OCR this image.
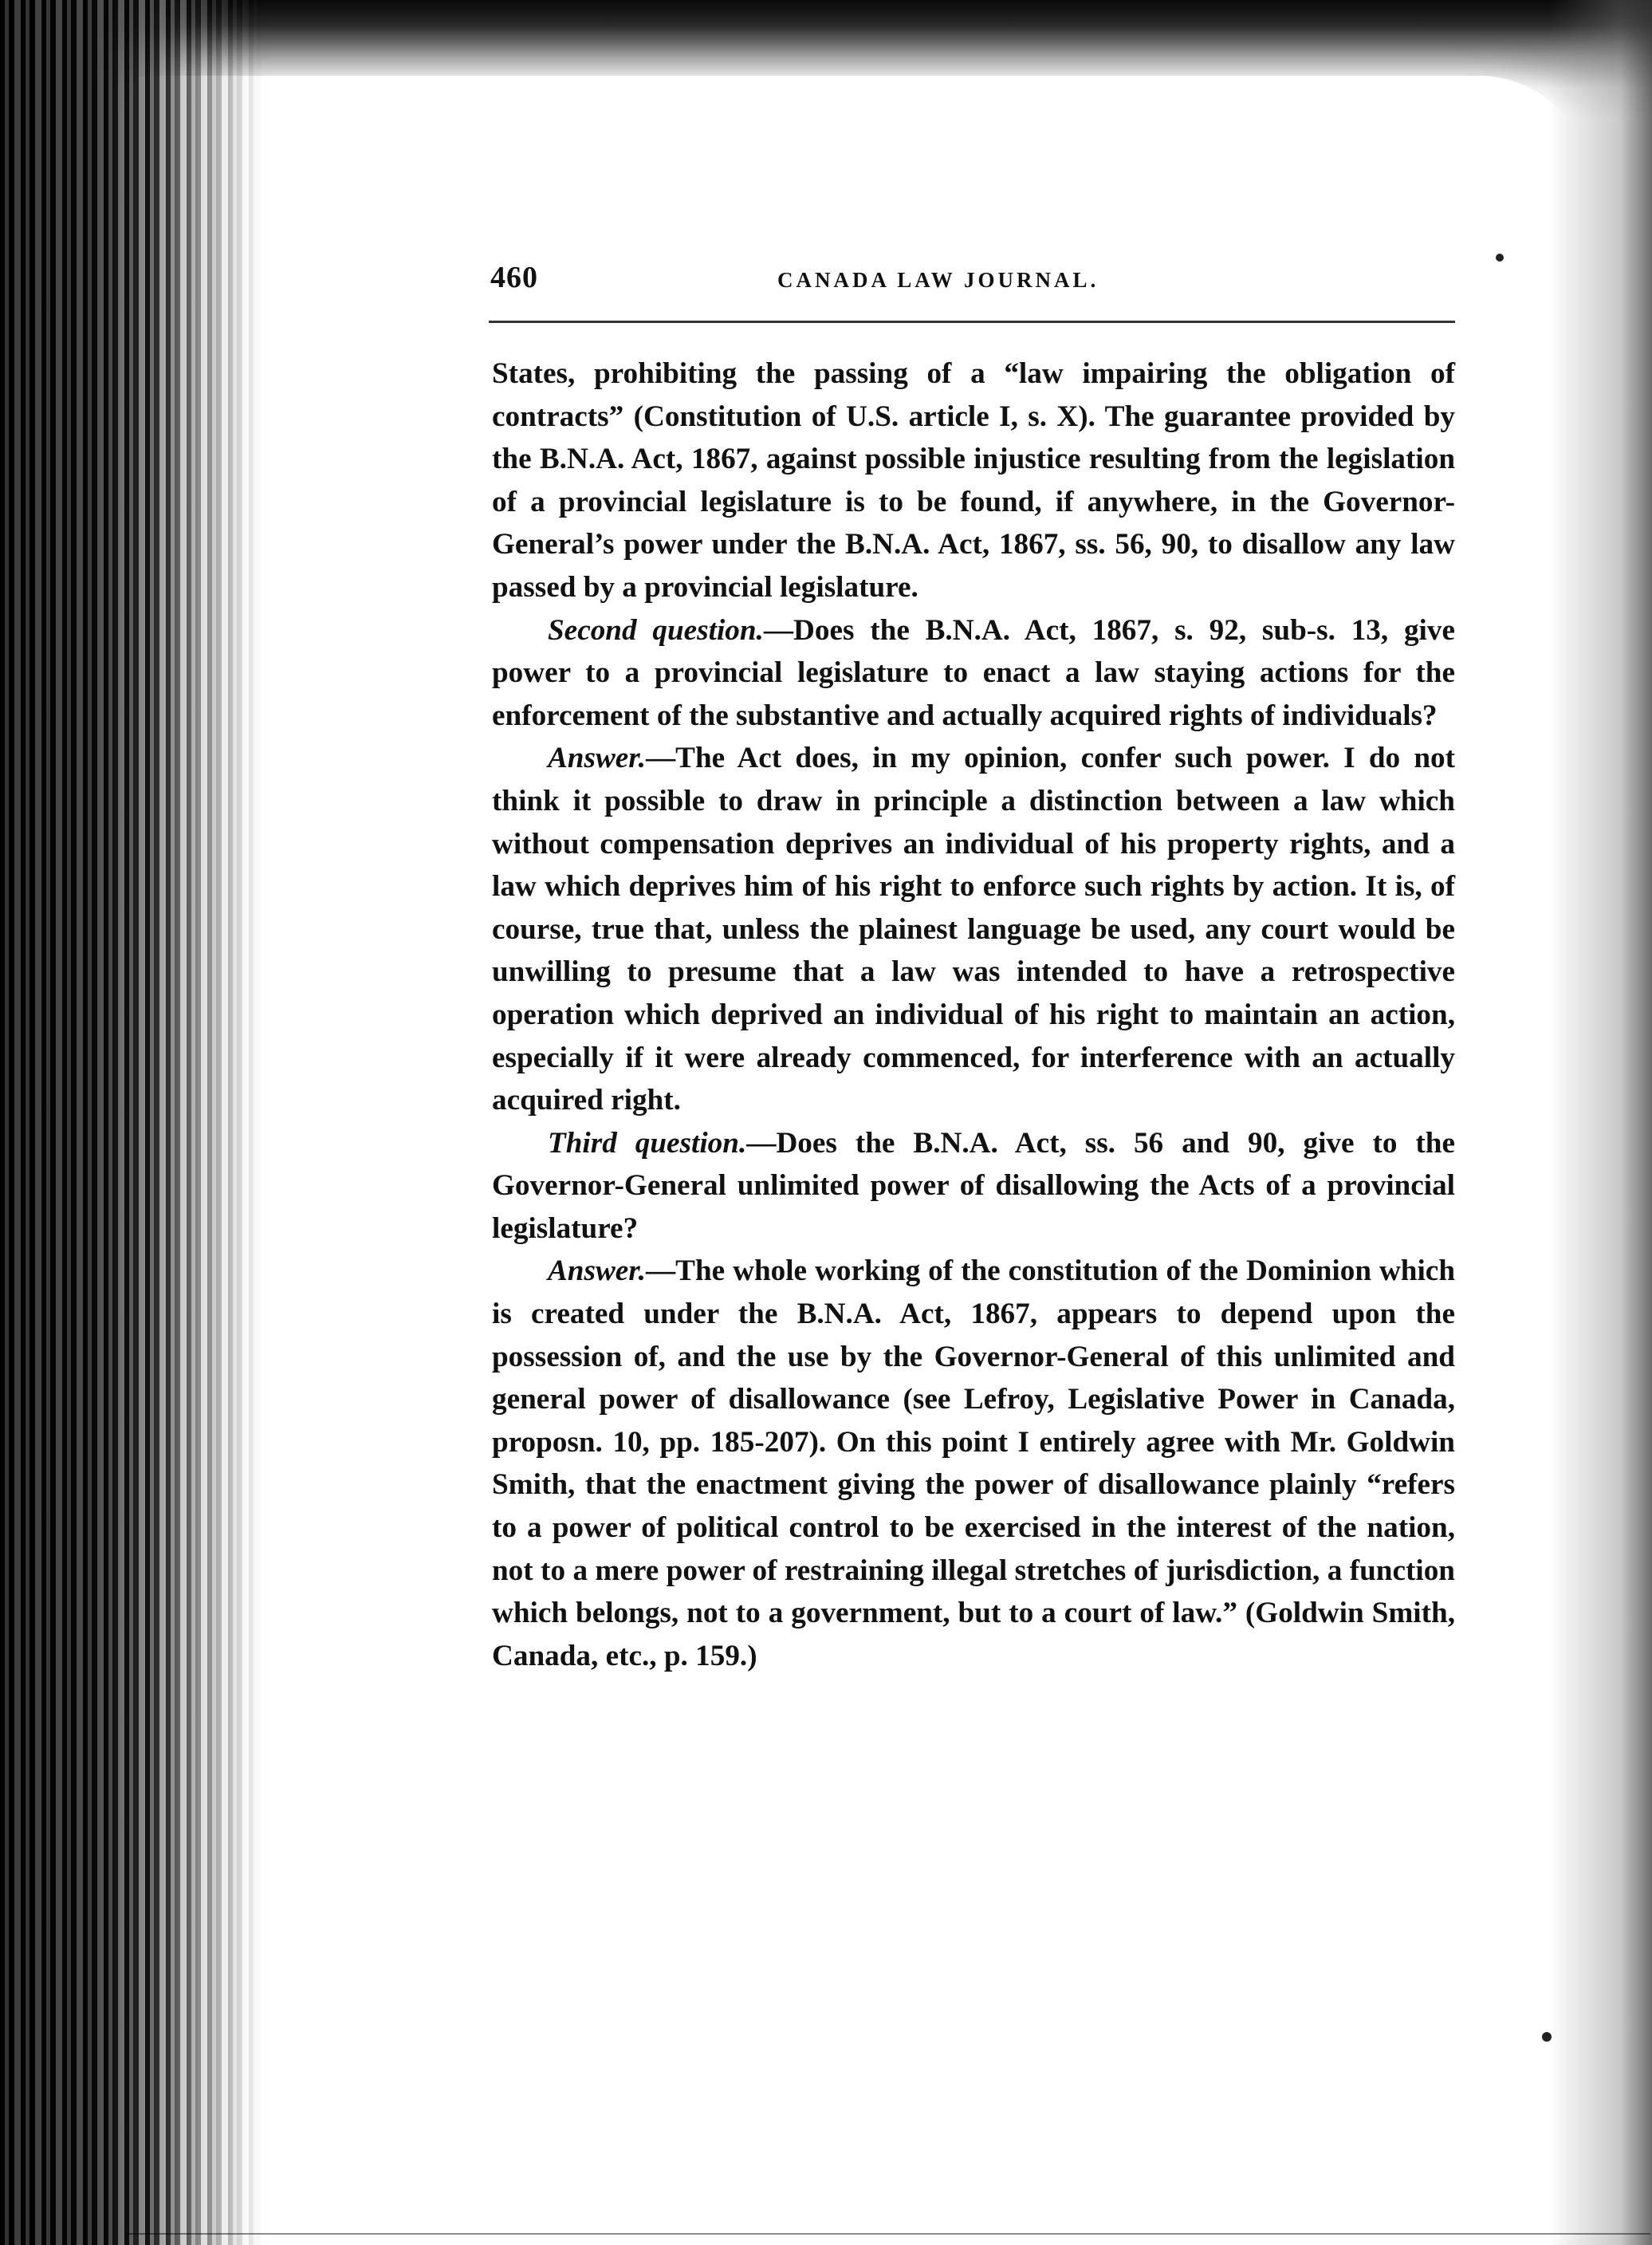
460	CANADA LAW JOURNAL.

States, prohibiting the passing of a “law impairing the obligation of contracts” (Constitution of U.S. article I, s. X). The guarantee provided by the B.N.A. Act, 1867, against possible injustice resulting from the legislation of a provincial legislature is to be found, if anywhere, in the Governor-General’s power under the B.N.A. Act, 1867, ss. 56, 90, to disallow any law passed by a provincial legislature.

Second question.—Does the B.N.A. Act, 1867, s. 92, sub-s. 13, give power to a provincial legislature to enact a law staying actions for the enforcement of the substantive and actually acquired rights of individuals?

Answer.—The Act does, in my opinion, confer such power. I do not think it possible to draw in principle a distinction between a law which without compensation deprives an individual of his property rights, and a law which deprives him of his right to enforce such rights by action. It is, of course, true that, unless the plainest language be used, any court would be unwilling to presume that a law was intended to have a retrospective operation which deprived an individual of his right to maintain an action, especially if it were already commenced, for interference with an actually acquired right.

Third question.—Does the B.N.A. Act, ss. 56 and 90, give to the Governor-General unlimited power of disallowing the Acts of a provincial legislature?

Answer.—The whole working of the constitution of the Dominion which is created under the B.N.A. Act, 1867, appears to depend upon the possession of, and the use by the Governor-General of this unlimited and general power of disallowance (see Lefroy, Legislative Power in Canada, proposn. 10, pp. 185-207). On this point I entirely agree with Mr. Goldwin Smith, that the enactment giving the power of disallowance plainly “refers to a power of political control to be exercised in the interest of the nation, not to a mere power of restraining illegal stretches of jurisdiction, a function which belongs, not to a government, but to a court of law.” (Goldwin Smith, Canada, etc., p. 159.)
